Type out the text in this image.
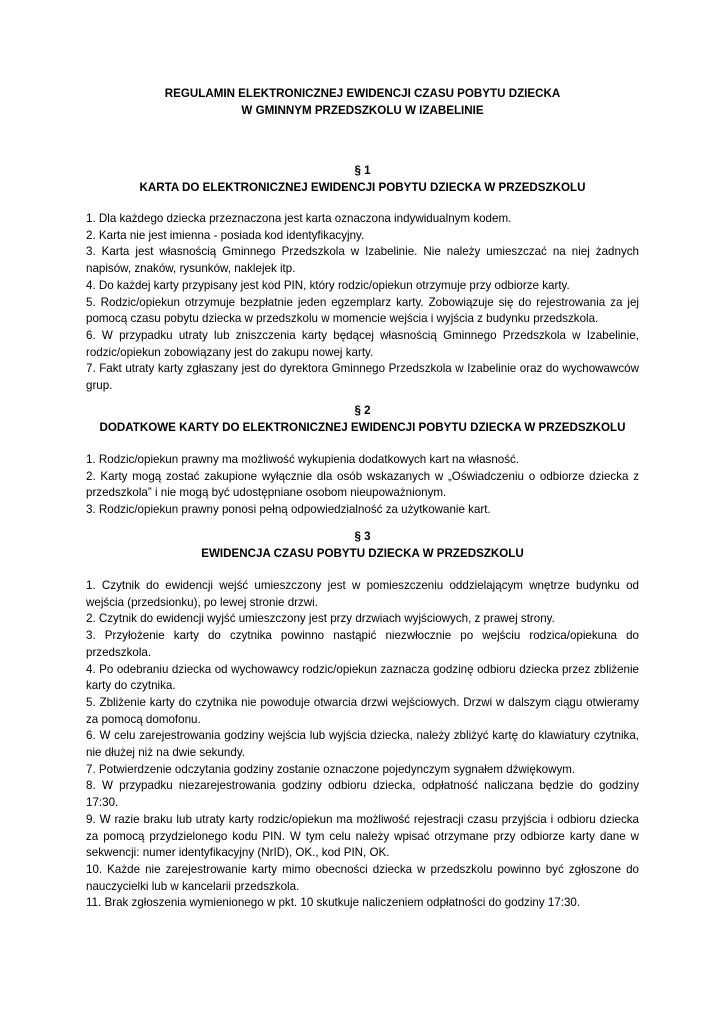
REGULAMIN ELEKTRONICZNEJ EWIDENCJI CZASU POBYTU DZIECKA
W GMINNYM PRZEDSZKOLU W IZABELINIE
§ 1
KARTA DO ELEKTRONICZNEJ EWIDENCJI POBYTU DZIECKA W PRZEDSZKOLU

1. Dla każdego dziecka przeznaczona jest karta oznaczona indywidualnym kodem.

2. Karta nie jest imienna - posiada kod identyfikacyjny.

3. Karta jest własnością Gminnego Przedszkola w Izabelinie. Nie należy umieszczać na niej żadnych napisów, znaków, rysunków, naklejek itp.

4. Do każdej karty przypisany jest kod PIN, który rodzic/opiekun otrzymuje przy odbiorze karty.

5. Rodzic/opiekun otrzymuje bezpłatnie jeden egzemplarz karty. Zobowiązuje się do rejestrowania za jej pomocą czasu pobytu dziecka w przedszkolu w momencie wejścia i wyjścia z budynku przedszkola.

6. W przypadku utraty lub zniszczenia karty będącej własnością Gminnego Przedszkola w Izabelinie, rodzic/opiekun zobowiązany jest do zakupu nowej karty.

7. Fakt utraty karty zgłaszany jest do dyrektora Gminnego Przedszkola w Izabelinie oraz do wychowawców grup.

§ 2
DODATKOWE KARTY DO ELEKTRONICZNEJ EWIDENCJI POBYTU DZIECKA W PRZEDSZKOLU

1. Rodzic/opiekun prawny ma możliwość wykupienia dodatkowych kart na własność.

2. Karty mogą zostać zakupione wyłącznie dla osób wskazanych w „Oświadczeniu o odbiorze dziecka z przedszkola” i nie mogą być udostępniane osobom nieupoważnionym.

3. Rodzic/opiekun prawny ponosi pełną odpowiedzialność za użytkowanie kart.

§ 3
EWIDENCJA CZASU POBYTU DZIECKA W PRZEDSZKOLU

1. Czytnik do ewidencji wejść umieszczony jest w pomieszczeniu oddzielającym wnętrze budynku od wejścia (przedsionku), po lewej stronie drzwi.

2. Czytnik do ewidencji wyjść umieszczony jest przy drzwiach wyjściowych, z prawej strony.

3. Przyłożenie karty do czytnika powinno nastąpić niezwłocznie po wejściu rodzica/opiekuna do przedszkola.

4. Po odebraniu dziecka od wychowawcy rodzic/opiekun zaznacza godzinę odbioru dziecka przez zbliżenie karty do czytnika.

5. Zbliżenie karty do czytnika nie powoduje otwarcia drzwi wejściowych. Drzwi w dalszym ciągu otwieramy za pomocą domofonu.

6. W celu zarejestrowania godziny wejścia lub wyjścia dziecka, należy zbliżyć kartę do klawiatury czytnika, nie dłużej niż na dwie sekundy.

7. Potwierdzenie odczytania godziny zostanie oznaczone pojedynczym sygnałem dźwiękowym.

8. W przypadku niezarejestrowania godziny odbioru dziecka, odpłatność naliczana będzie do godziny 17:30.

9. W razie braku lub utraty karty rodzic/opiekun ma możliwość rejestracji czasu przyjścia i odbioru dziecka za pomocą przydzielonego kodu PIN. W tym celu należy wpisać otrzymane przy odbiorze karty dane w sekwencji: numer identyfikacyjny (NrID), OK., kod PIN, OK.

10. Każde nie zarejestrowanie karty mimo obecności dziecka w przedszkolu powinno być zgłoszone do nauczycielki lub w kancelarii przedszkola.

11. Brak zgłoszenia wymienionego w pkt. 10 skutkuje naliczeniem odpłatności do godziny 17:30.
